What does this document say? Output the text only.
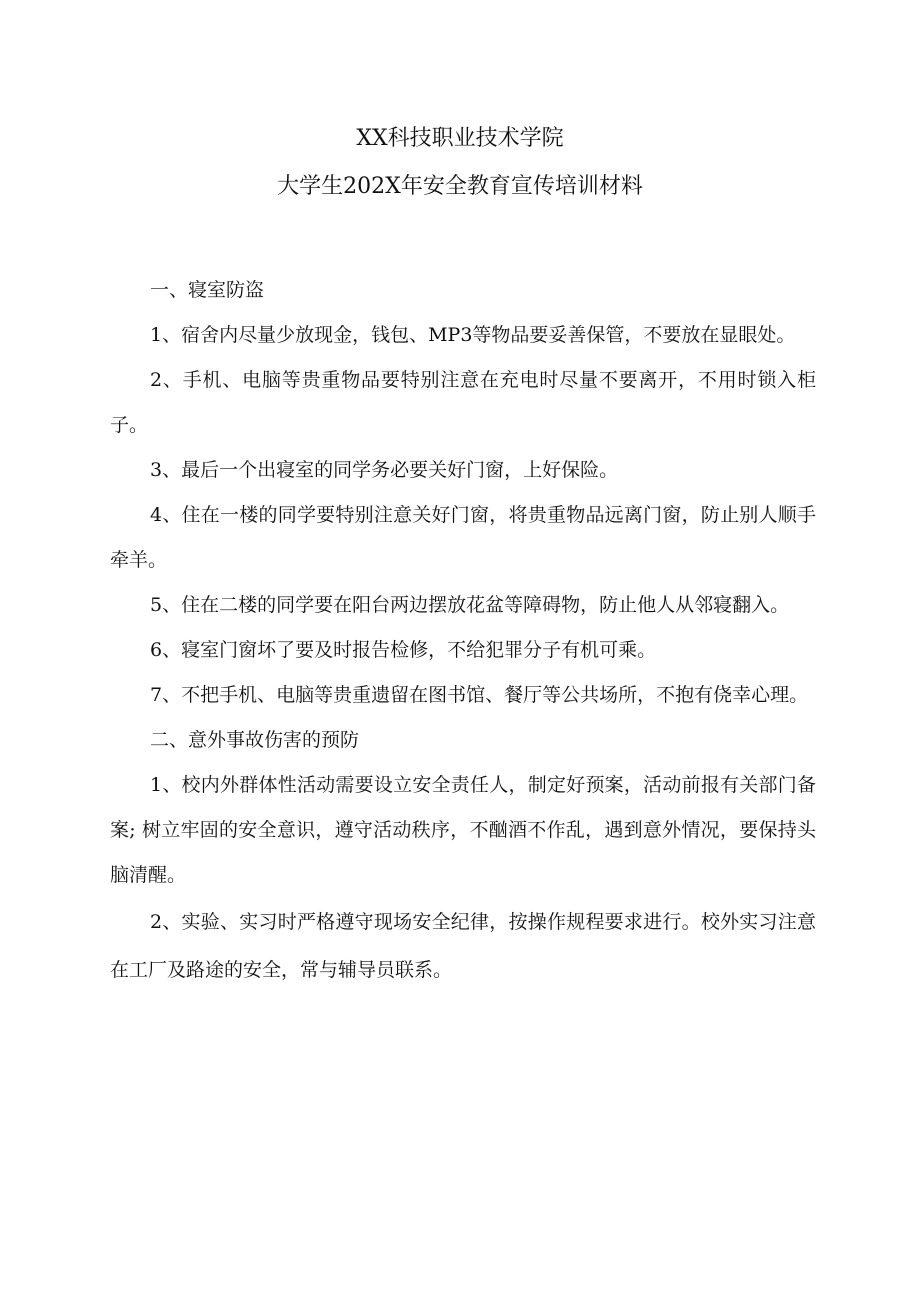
XX科技职业技术学院
大学生202X年安全教育宣传培训材料

一、寝室防盗

1、宿舍内尽量少放现金，钱包、MP3等物品要妥善保管，不要放在显眼处。

2、手机、电脑等贵重物品要特别注意在充电时尽量不要离开，不用时锁入柜子。

3、最后一个出寝室的同学务必要关好门窗，上好保险。

4、住在一楼的同学要特别注意关好门窗，将贵重物品远离门窗，防止别人顺手牵羊。

5、住在二楼的同学要在阳台两边摆放花盆等障碍物，防止他人从邻寝翻入。

6、寝室门窗坏了要及时报告检修，不给犯罪分子有机可乘。

7、不把手机、电脑等贵重遗留在图书馆、餐厅等公共场所，不抱有侥幸心理。

二、意外事故伤害的预防

1、校内外群体性活动需要设立安全责任人，制定好预案，活动前报有关部门备案; 树立牢固的安全意识，遵守活动秩序，不酗酒不作乱，遇到意外情况，要保持头脑清醒。

2、实验、实习时严格遵守现场安全纪律，按操作规程要求进行。校外实习注意在工厂及路途的安全，常与辅导员联系。
